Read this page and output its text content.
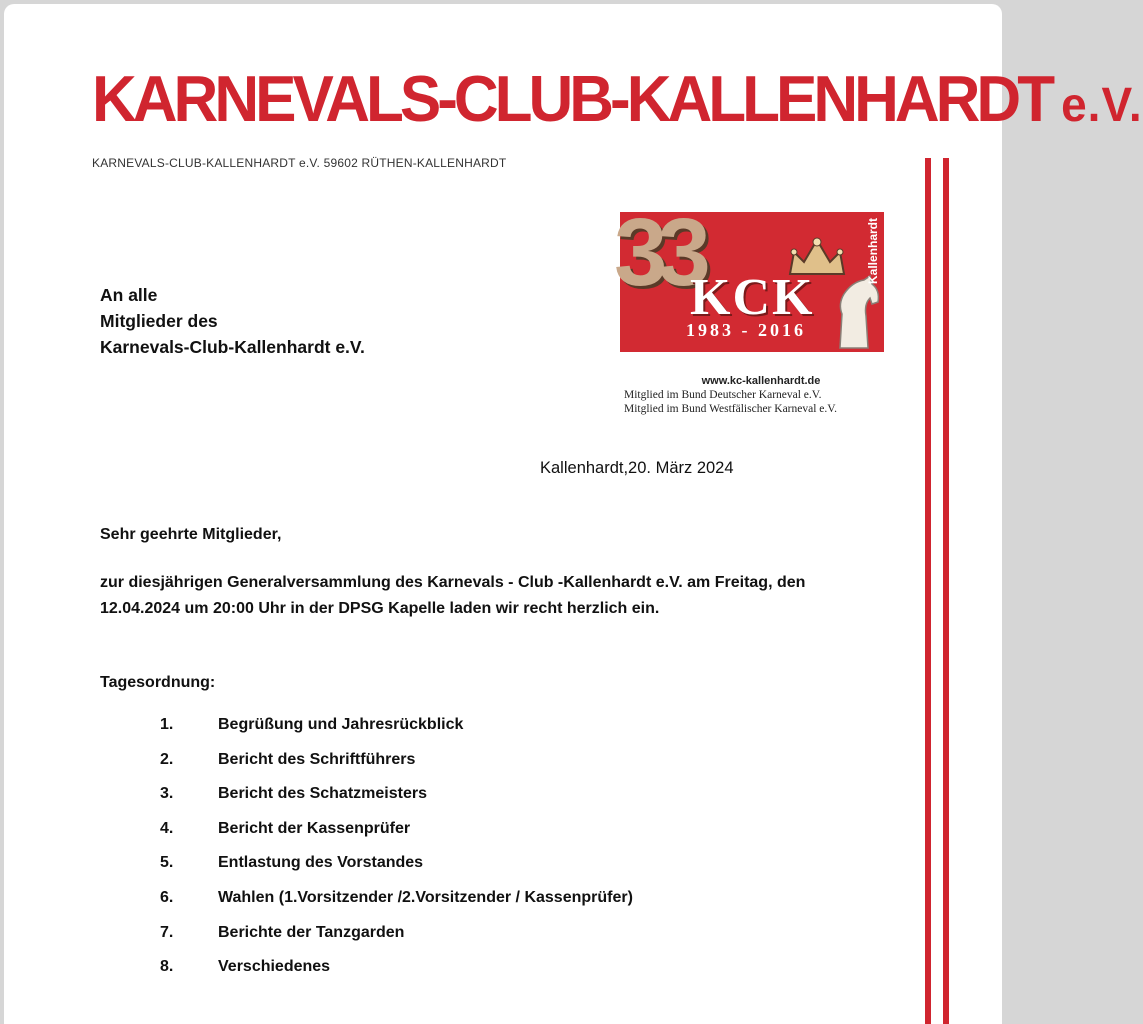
KARNEVALS-CLUB-KALLENHARDT e.V.
KARNEVALS-CLUB-KALLENHARDT e.V. 59602 RÜTHEN-KALLENHARDT
33
KCK
1983 - 2016
Kallenhardt
www.kc-kallenhardt.de
Mitglied im Bund Deutscher Karneval e.V.
Mitglied im Bund Westfälischer Karneval e.V.
An alle
Mitglieder des
Karnevals-Club-Kallenhardt e.V.
Kallenhardt,20. März 2024
Sehr geehrte Mitglieder,
zur diesjährigen Generalversammlung des Karnevals - Club -Kallenhardt e.V. am Freitag, den 12.04.2024 um 20:00 Uhr in der DPSG Kapelle laden wir recht herzlich ein.
Tagesordnung:
1.	Begrüßung und Jahresrückblick
2.	Bericht des Schriftführers
3.	Bericht des Schatzmeisters
4.	Bericht der Kassenprüfer
5.	Entlastung des Vorstandes
6.	Wahlen (1.Vorsitzender /2.Vorsitzender / Kassenprüfer)
7.	Berichte der Tanzgarden
8.	Verschiedenes
